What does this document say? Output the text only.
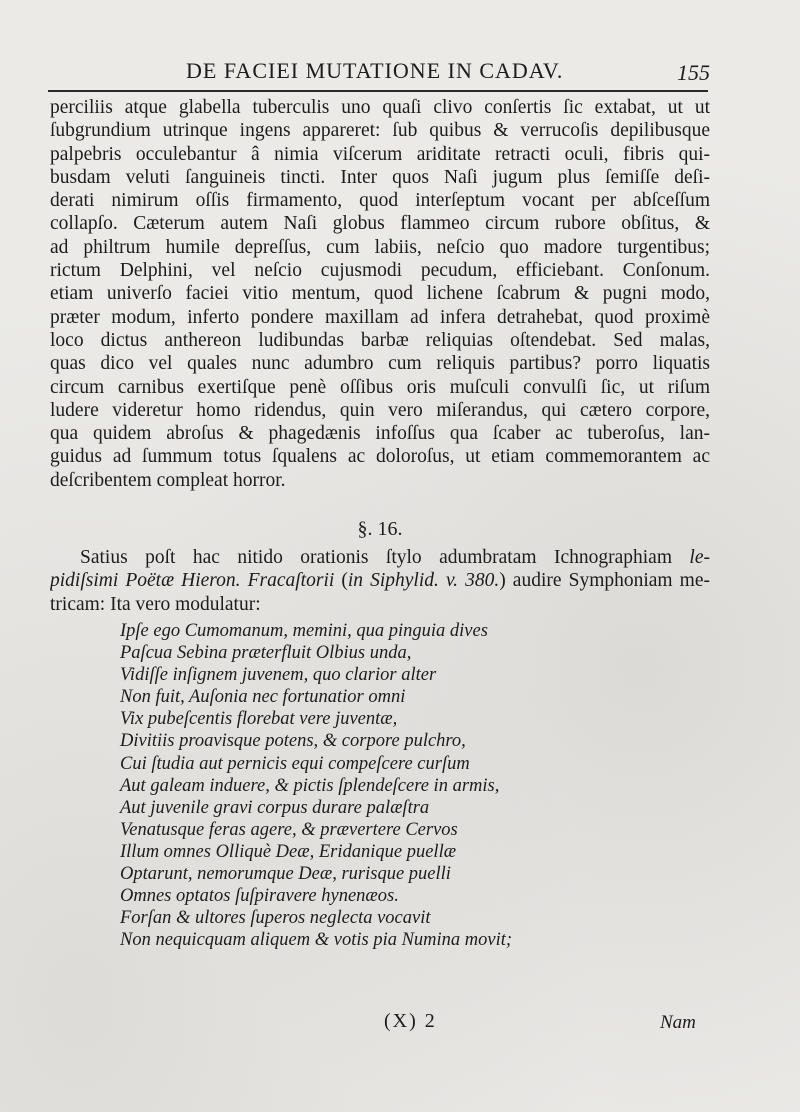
DE FACIEI MUTATIONE IN CADAV.	155
perciliis atque glabella tuberculis uno quaſi clivo conſertis ſic extabat, ut ut
ſubgrundium utrinque ingens appareret: ſub quibus & verrucoſis depilibusque
palpebris occulebantur â nimia viſcerum ariditate retracti oculi, fibris qui-
busdam veluti ſanguineis tincti. Inter quos Naſi jugum plus ſemiſſe deſi-
derati nimirum oſſis firmamento, quod interſeptum vocant per abſceſſum
collapſo. Cæterum autem Naſi globus flammeo circum rubore obſitus, &
ad philtrum humile depreſſus, cum labiis, neſcio quo madore turgentibus;
rictum Delphini, vel neſcio cujusmodi pecudum, efficiebant. Conſonum.
etiam univerſo faciei vitio mentum, quod lichene ſcabrum & pugni modo,
præter modum, inferto pondere maxillam ad infera detrahebat, quod proximè
loco dictus anthereon ludibundas barbæ reliquias oſtendebat. Sed malas,
quas dico vel quales nunc adumbro cum reliquis partibus? porro liquatis
circum carnibus exertiſque penè oſſibus oris muſculi convulſi ſic, ut riſum
ludere videretur homo ridendus, quin vero miſerandus, qui cætero corpore,
qua quidem abroſus & phagedænis infoſſus qua ſcaber ac tuberoſus, lan-
guidus ad ſummum totus ſqualens ac doloroſus, ut etiam commemorantem ac
deſcribentem compleat horror.
§. 16.
Satius poſt hac nitido orationis ſtylo adumbratam Ichnographiam le-
pidiſsimi Poëtæ Hieron. Fracaſtorii (in Siphylid. v. 380.) audire Symphoniam me-
tricam: Ita vero modulatur:
Ipſe ego Cumomanum, memini, qua pinguia dives
Paſcua Sebina præterfluit Olbius unda,
Vidiſſe inſignem juvenem, quo clarior alter
Non fuit, Auſonia nec fortunatior omni
Vix pubeſcentis florebat vere juventæ,
Divitiis proavisque potens, & corpore pulchro,
Cui ſtudia aut pernicis equi compeſcere curſum
Aut galeam induere, & pictis ſplendeſcere in armis,
Aut juvenile gravi corpus durare palæſtra
Venatusque feras agere, & prævertere Cervos
Illum omnes Olliquè Deæ, Eridanique puellæ
Optarunt, nemorumque Deæ, rurisque puelli
Omnes optatos ſuſpiravere hynenæos.
Forſan & ultores ſuperos neglecta vocavit
Non nequicquam aliquem & votis pia Numina movit;
(X) 2	Nam
